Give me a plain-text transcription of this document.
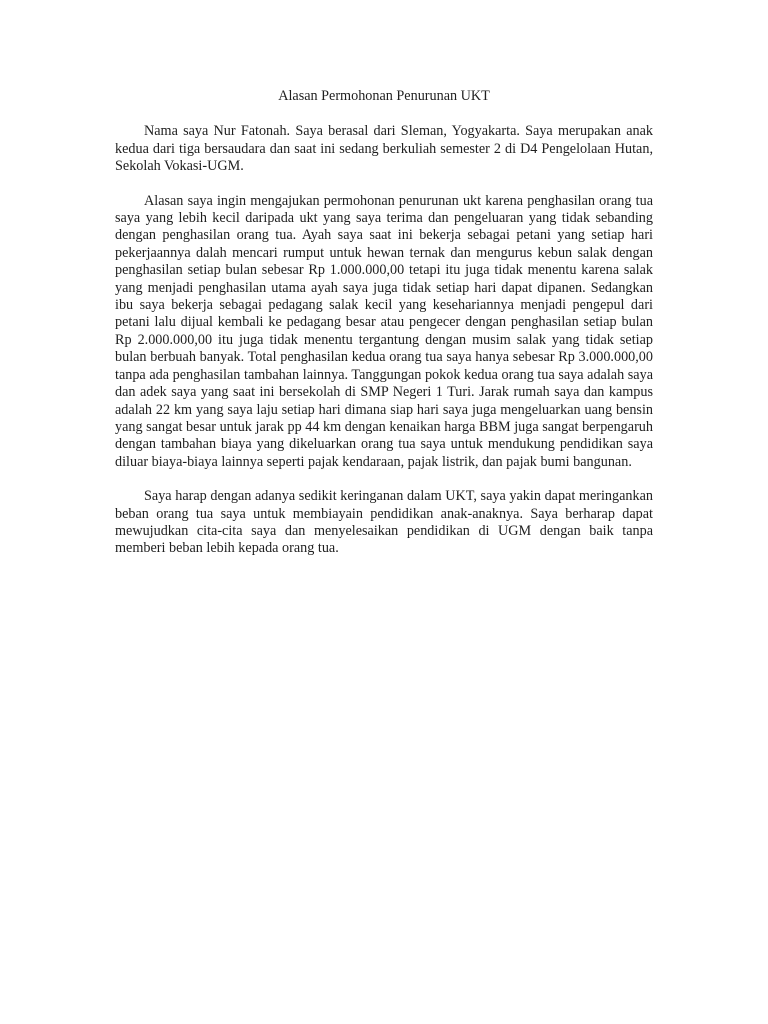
Alasan Permohonan Penurunan UKT

Nama saya Nur Fatonah. Saya berasal dari Sleman, Yogyakarta. Saya merupakan anak kedua dari tiga bersaudara dan saat ini sedang berkuliah semester 2 di D4 Pengelolaan Hutan, Sekolah Vokasi-UGM.

Alasan saya ingin mengajukan permohonan penurunan ukt karena penghasilan orang tua saya yang lebih kecil daripada ukt yang saya terima dan pengeluaran yang tidak sebanding dengan penghasilan orang tua. Ayah saya saat ini bekerja sebagai petani yang setiap hari pekerjaannya dalah mencari rumput untuk hewan ternak dan mengurus kebun salak dengan penghasilan setiap bulan sebesar Rp 1.000.000,00 tetapi itu juga tidak menentu karena salak yang menjadi penghasilan utama ayah saya juga tidak setiap hari dapat dipanen. Sedangkan ibu saya bekerja sebagai pedagang salak kecil yang kesehariannya menjadi pengepul dari petani lalu dijual kembali ke pedagang besar atau pengecer dengan penghasilan setiap bulan Rp 2.000.000,00 itu juga tidak menentu tergantung dengan musim salak yang tidak setiap bulan berbuah banyak. Total penghasilan kedua orang tua saya hanya sebesar Rp 3.000.000,00 tanpa ada penghasilan tambahan lainnya. Tanggungan pokok kedua orang tua saya adalah saya dan adek saya yang saat ini bersekolah di SMP Negeri 1 Turi. Jarak rumah saya dan kampus adalah 22 km yang saya laju setiap hari dimana siap hari saya juga mengeluarkan uang bensin yang sangat besar untuk jarak pp 44 km dengan kenaikan harga BBM juga sangat berpengaruh dengan tambahan biaya yang dikeluarkan orang tua saya untuk mendukung pendidikan saya diluar biaya-biaya lainnya seperti pajak kendaraan, pajak listrik, dan pajak bumi bangunan.

Saya harap dengan adanya sedikit keringanan dalam UKT, saya yakin dapat meringankan beban orang tua saya untuk membiayain pendidikan anak-anaknya. Saya berharap dapat mewujudkan cita-cita saya dan menyelesaikan pendidikan di UGM dengan baik tanpa memberi beban lebih kepada orang tua.
